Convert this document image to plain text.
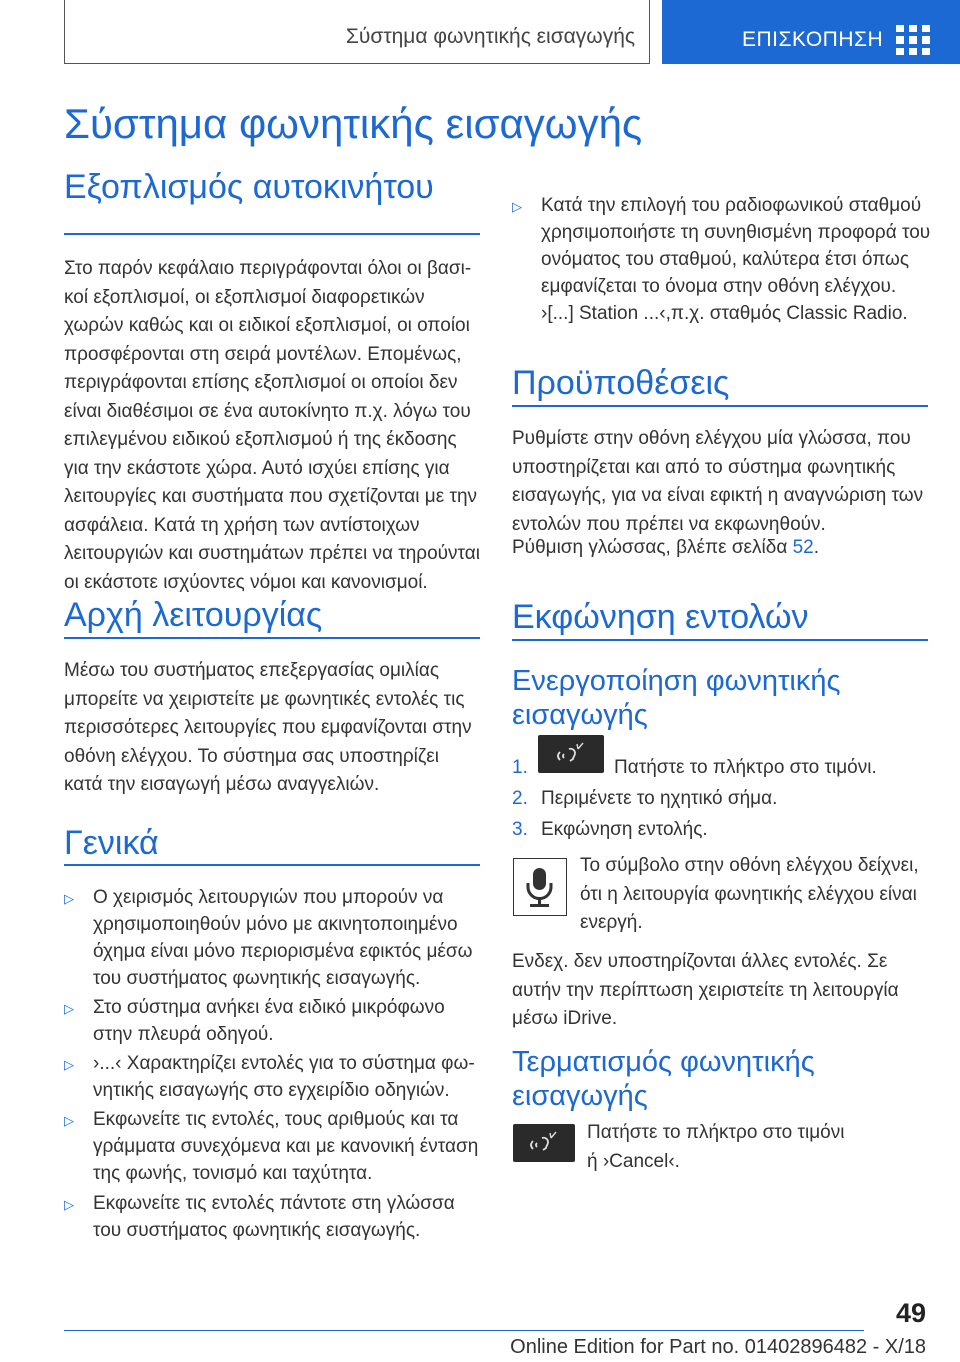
Σύστημα φωνητικής εισαγωγής	ΕΠΙΣΚΟΠΗΣΗ
Σύστημα φωνητικής εισαγωγής
Εξοπλισμός αυτοκινήτου

Στο παρόν κεφάλαιο περιγράφονται όλοι οι βασικοί εξοπλισμοί, οι εξοπλισμοί διαφορετικών χωρών καθώς και οι ειδικοί εξοπλισμοί, οι οποίοι προσφέρονται στη σειρά μοντέλων. Επομένως, περιγράφονται επίσης εξοπλισμοί οι οποίοι δεν είναι διαθέσιμοι σε ένα αυτοκίνητο π.χ. λόγω του επιλεγμένου ειδικού εξοπλισμού ή της έκδοσης για την εκάστοτε χώρα. Αυτό ισχύει επίσης για λειτουργίες και συστήματα που σχετίζονται με την ασφάλεια. Κατά τη χρήση των αντίστοιχων λειτουργιών και συστημάτων πρέπει να τηρούνται οι εκάστοτε ισχύοντες νόμοι και κανονισμοί.

Αρχή λειτουργίας

Μέσω του συστήματος επεξεργασίας ομιλίας μπορείτε να χειριστείτε με φωνητικές εντολές τις περισσότερες λειτουργίες που εμφανίζονται στην οθόνη ελέγχου. Το σύστημα σας υποστηρίζει κατά την εισαγωγή μέσω αναγγελιών.

Γενικά
▷	Ο χειρισμός λειτουργιών που μπορούν να χρησιμοποιηθούν μόνο με ακινητοποιημένο όχημα είναι μόνο περιορισμένα εφικτός μέσω του συστήματος φωνητικής εισαγωγής.
▷	Στο σύστημα ανήκει ένα ειδικό μικρόφωνο στην πλευρά οδηγού.
▷	›...‹ Χαρακτηρίζει εντολές για το σύστημα φωνητικής εισαγωγής στο εγχειρίδιο οδηγιών.
▷	Εκφωνείτε τις εντολές, τους αριθμούς και τα γράμματα συνεχόμενα και με κανονική ένταση της φωνής, τονισμό και ταχύτητα.
▷	Εκφωνείτε τις εντολές πάντοτε στη γλώσσα του συστήματος φωνητικής εισαγωγής.
▷	Κατά την επιλογή του ραδιοφωνικού σταθμού χρησιμοποιήστε τη συνηθισμένη προφορά του ονόματος του σταθμού, καλύτερα έτσι όπως εμφανίζεται το όνομα στην οθόνη ελέγχου.
›[...] Station ...‹,π.χ. σταθμός Classic Radio.
Προϋποθέσεις

Ρυθμίστε στην οθόνη ελέγχου μία γλώσσα, που υποστηρίζεται και από το σύστημα φωνητικής εισαγωγής, για να είναι εφικτή η αναγνώριση των εντολών που πρέπει να εκφωνηθούν.

Ρύθμιση γλώσσας, βλέπε σελίδα 52.

Εκφώνηση εντολών
Ενεργοποίηση φωνητικής εισαγωγής
1.	Πατήστε το πλήκτρο στο τιμόνι.
2. Περιμένετε το ηχητικό σήμα.
3. Εκφώνηση εντολής.

Το σύμβολο στην οθόνη ελέγχου δείχνει, ότι η λειτουργία φωνητικής ελέγχου είναι ενεργή.

Ενδεχ. δεν υποστηρίζονται άλλες εντολές. Σε αυτήν την περίπτωση χειριστείτε τη λειτουργία μέσω iDrive.

Τερματισμός φωνητικής εισαγωγής
Πατήστε το πλήκτρο στο τιμόνι
ή ›Cancel‹.
49
Online Edition for Part no. 01402896482 - X/18
